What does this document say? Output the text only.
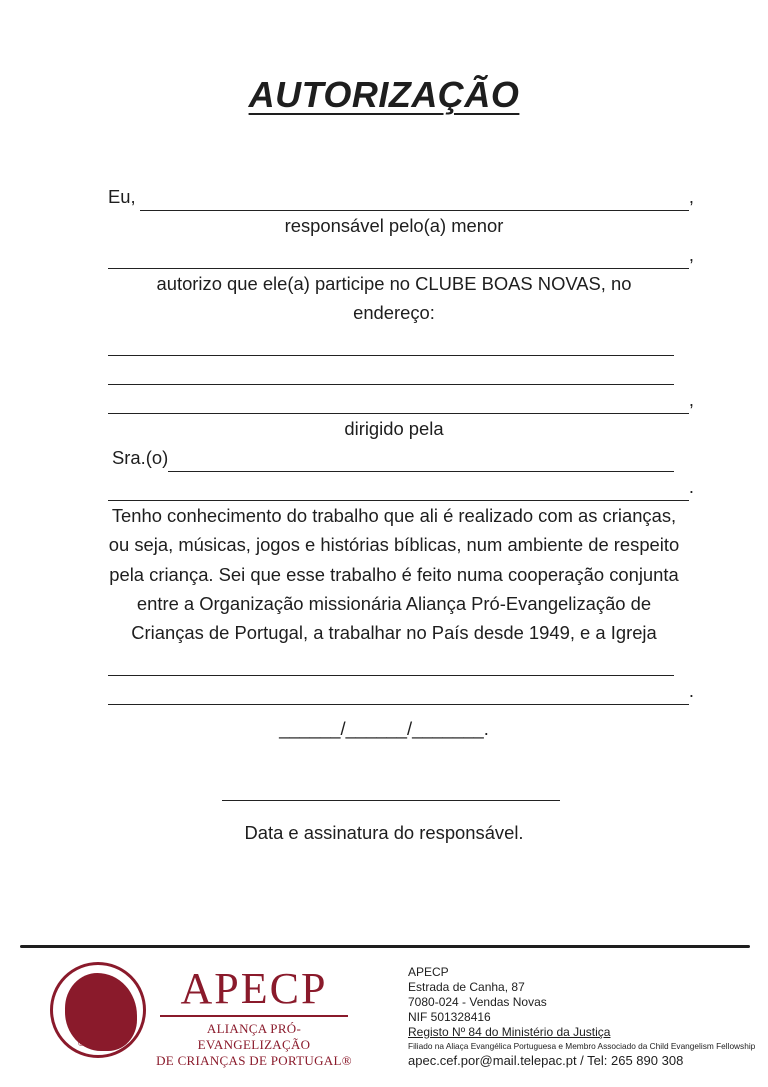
AUTORIZAÇÃO
Eu,	,
responsável pelo(a) menor
,
autorizo que ele(a) participe no CLUBE BOAS NOVAS, no
endereço:
,
dirigido pela
Sra.(o)
.
Tenho conhecimento do trabalho que ali é realizado com as crianças,
ou seja, músicas, jogos e histórias bíblicas, num ambiente de respeito
pela criança. Sei que esse trabalho é feito numa cooperação conjunta
entre a Organização missionária Aliança Pró-Evangelização de
Crianças de Portugal, a trabalhar no País desde 1949, e a Igreja
.
______/______/_______.
Data e assinatura do responsável.
®
APECP
ALIANÇA PRÓ-EVANGELIZAÇÃO
DE CRIANÇAS DE PORTUGAL®
APECP
Estrada de Canha, 87
7080-024 - Vendas Novas
NIF 501328416
Registo Nº 84 do Ministério da Justiça
Filiado na Aliaça Evangélica Portuguesa e Membro Associado da Child Evangelism Fellowship
apec.cef.por@mail.telepac.pt / Tel: 265 890 308
